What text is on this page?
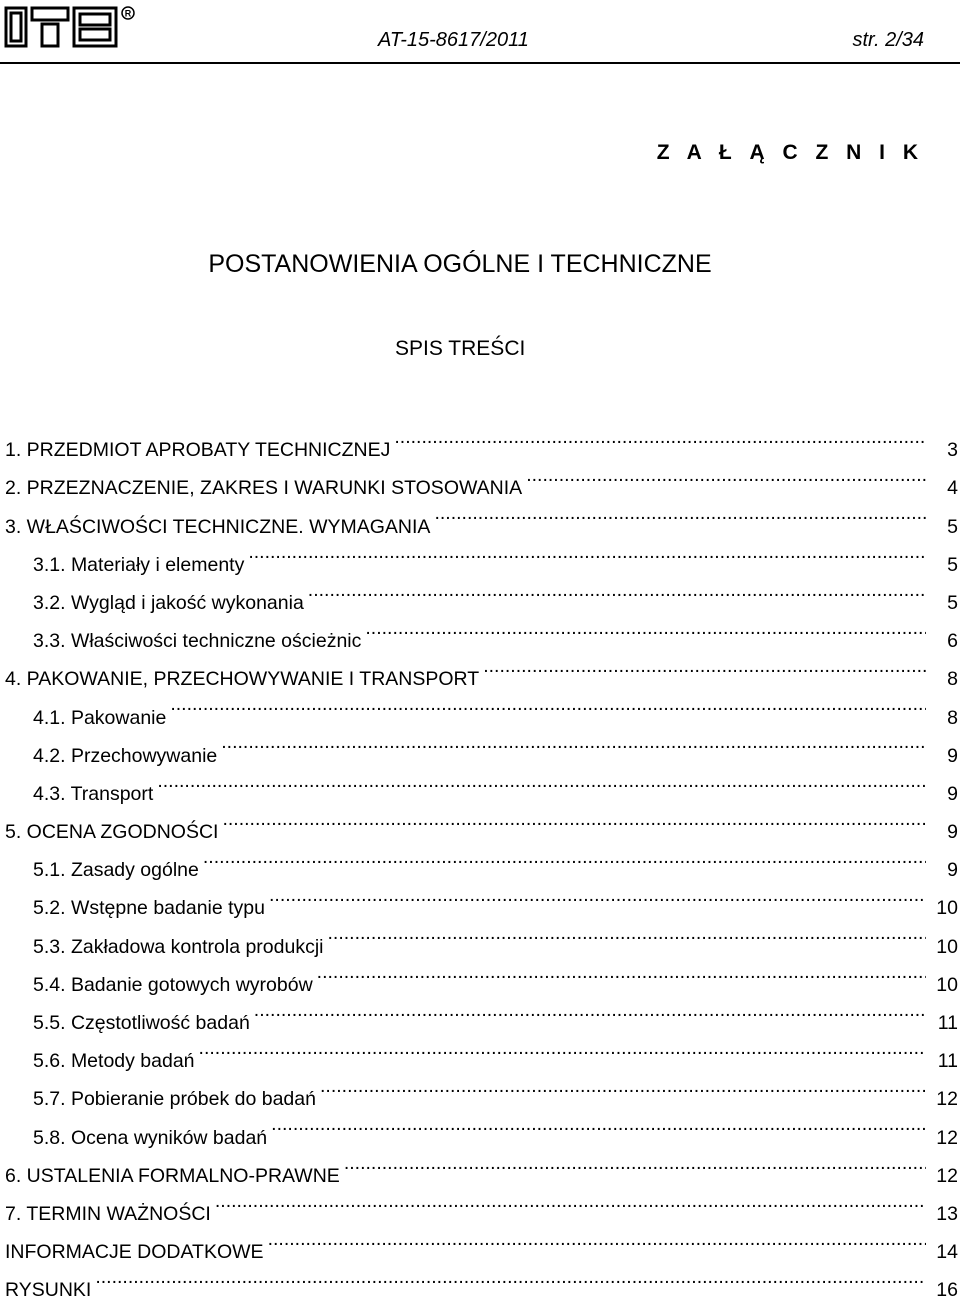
R
AT-15-8617/2011	str. 2/34
Z A Ł Ą C Z N I K
POSTANOWIENIA OGÓLNE I TECHNICZNE
SPIS TREŚCI
1. PRZEDMIOT APROBATY TECHNICZNEJ .....	3
2. PRZEZNACZENIE, ZAKRES I WARUNKI STOSOWANIA .....	4
3. WŁAŚCIWOŚCI TECHNICZNE. WYMAGANIA .....	5
3.1. Materiały i elementy .....	5
3.2. Wygląd i jakość wykonania .....	5
3.3. Właściwości techniczne ościeżnic .....	6
4. PAKOWANIE, PRZECHOWYWANIE I TRANSPORT .....	8
4.1. Pakowanie .....	8
4.2. Przechowywanie .....	9
4.3. Transport .....	9
5. OCENA ZGODNOŚCI .....	9
5.1. Zasady ogólne .....	9
5.2. Wstępne badanie typu .....	10
5.3. Zakładowa kontrola produkcji .....	10
5.4. Badanie gotowych wyrobów .....	10
5.5. Częstotliwość badań .....	11
5.6. Metody badań .....	11
5.7. Pobieranie próbek do badań .....	12
5.8. Ocena wyników badań .....	12
6. USTALENIA FORMALNO-PRAWNE .....	12
7. TERMIN WAŻNOŚCI .....	13
INFORMACJE DODATKOWE .....	14
RYSUNKI .....	16
